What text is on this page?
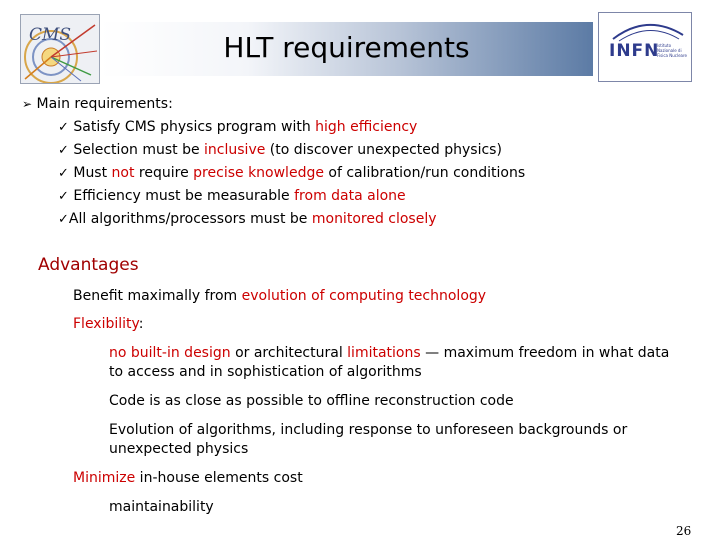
HLT requirements
CMS
INFN
Istituto Nazionale di Fisica Nucleare
➢ Main requirements:
✓ Satisfy CMS physics program with high efficiency
✓ Selection must be inclusive (to discover unexpected physics)
✓ Must not require precise knowledge of calibration/run conditions
✓ Efficiency must be measurable from data alone
✓All algorithms/processors must be monitored closely
Advantages
Benefit maximally from evolution of computing technology
Flexibility:
no built-in design or architectural limitations — maximum freedom in what data
to access and in sophistication of algorithms
Code is as close as possible to offline reconstruction code
Evolution of algorithms, including response to unforeseen backgrounds or
unexpected physics
Minimize in-house elements cost
maintainability
26
